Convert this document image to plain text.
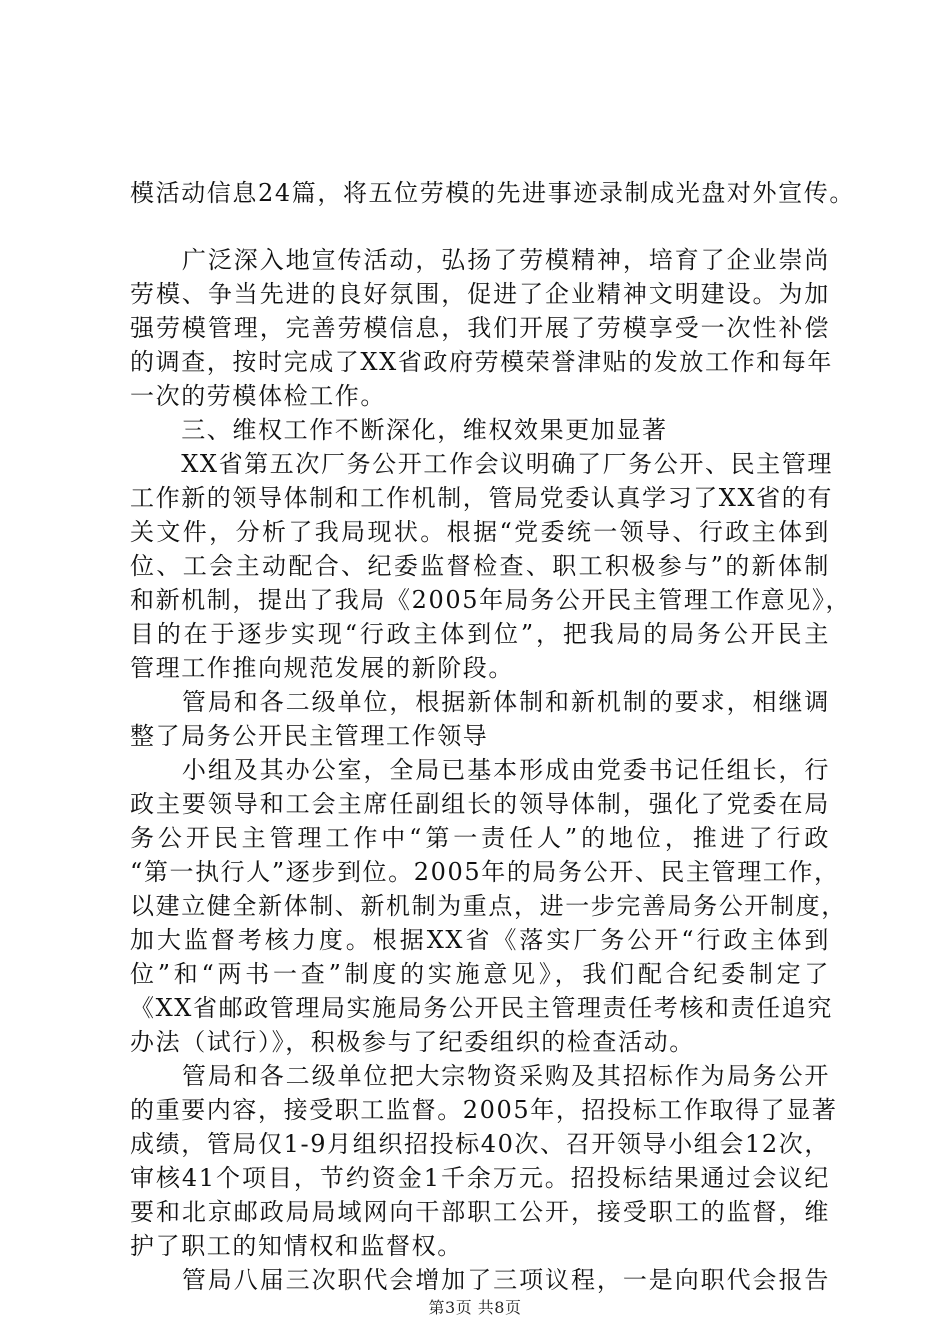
模活动信息24篇，将五位劳模的先进事迹录制成光盘对外宣传。
　　广泛深入地宣传活动，弘扬了劳模精神，培育了企业崇尚
劳模、争当先进的良好氛围，促进了企业精神文明建设。为加
强劳模管理，完善劳模信息，我们开展了劳模享受一次性补偿
的调查，按时完成了XX省政府劳模荣誉津贴的发放工作和每年
一次的劳模体检工作。
　　三、维权工作不断深化，维权效果更加显著
　　XX省第五次厂务公开工作会议明确了厂务公开、民主管理
工作新的领导体制和工作机制，管局党委认真学习了XX省的有
关文件，分析了我局现状。根据“党委统一领导、行政主体到
位、工会主动配合、纪委监督检查、职工积极参与”的新体制
和新机制，提出了我局《2005年局务公开民主管理工作意见》，
目的在于逐步实现“行政主体到位”，把我局的局务公开民主
管理工作推向规范发展的新阶段。
　　管局和各二级单位，根据新体制和新机制的要求，相继调
整了局务公开民主管理工作领导
　　小组及其办公室，全局已基本形成由党委书记任组长，行
政主要领导和工会主席任副组长的领导体制，强化了党委在局
务公开民主管理工作中“第一责任人”的地位，推进了行政
“第一执行人”逐步到位。2005年的局务公开、民主管理工作，
以建立健全新体制、新机制为重点，进一步完善局务公开制度，
加大监督考核力度。根据XX省《落实厂务公开“行政主体到
位”和“两书一查”制度的实施意见》，我们配合纪委制定了
《XX省邮政管理局实施局务公开民主管理责任考核和责任追究
办法（试行）》，积极参与了纪委组织的检查活动。
　　管局和各二级单位把大宗物资采购及其招标作为局务公开
的重要内容，接受职工监督。2005年，招投标工作取得了显著
成绩，管局仅1-9月组织招投标40次、召开领导小组会12次，
审核41个项目，节约资金1千余万元。招投标结果通过会议纪
要和北京邮政局局域网向干部职工公开，接受职工的监督，维
护了职工的知情权和监督权。
　　管局八届三次职代会增加了三项议程，一是向职代会报告
第3页 共8页
